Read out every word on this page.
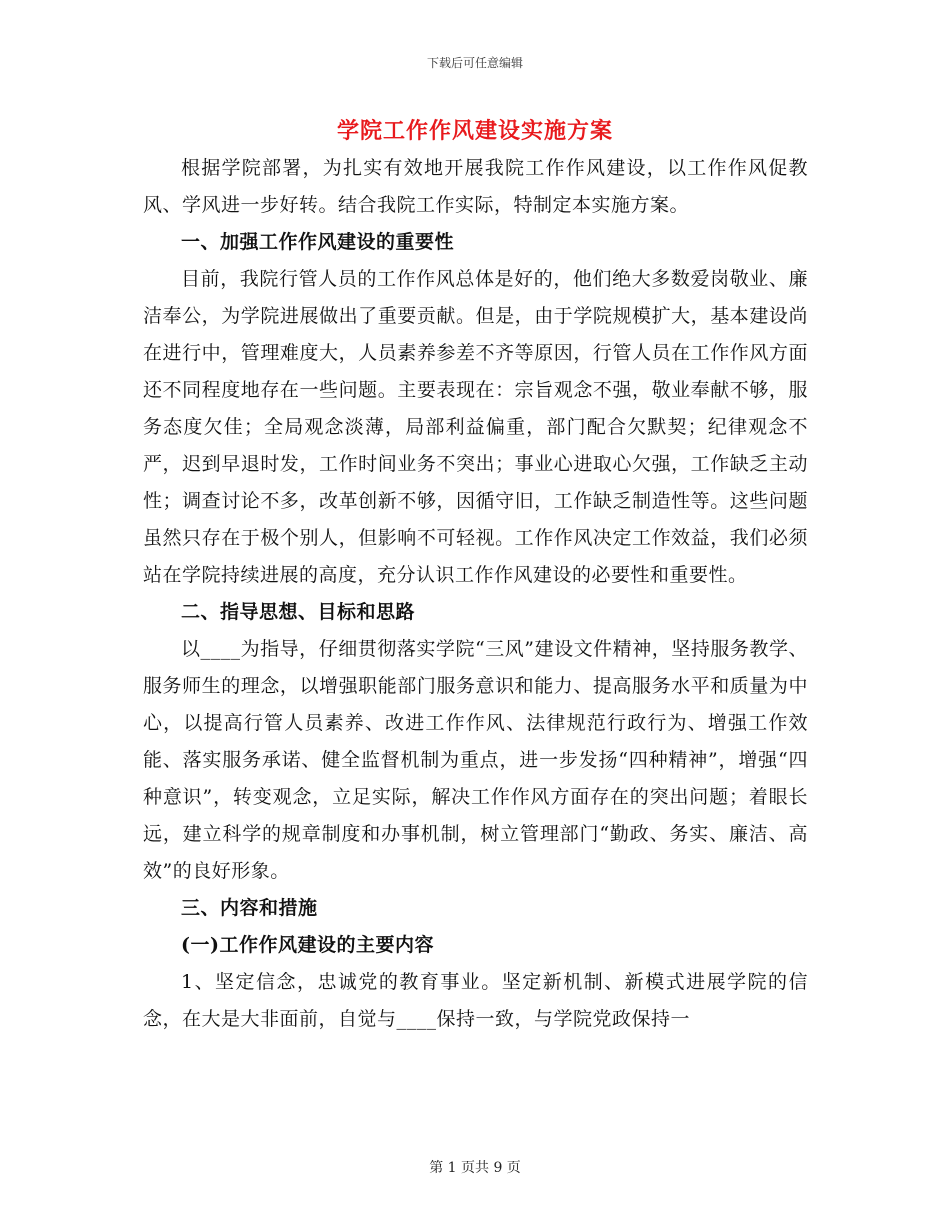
下载后可任意编辑
学院工作作风建设实施方案

根据学院部署，为扎实有效地开展我院工作作风建设，以工作作风促教风、学风进一步好转。结合我院工作实际，特制定本实施方案。

一、加强工作作风建设的重要性

目前，我院行管人员的工作作风总体是好的，他们绝大多数爱岗敬业、廉洁奉公，为学院进展做出了重要贡献。但是，由于学院规模扩大，基本建设尚在进行中，管理难度大，人员素养参差不齐等原因，行管人员在工作作风方面还不同程度地存在一些问题。主要表现在：宗旨观念不强，敬业奉献不够，服务态度欠佳；全局观念淡薄，局部利益偏重，部门配合欠默契；纪律观念不严，迟到早退时发，工作时间业务不突出；事业心进取心欠强，工作缺乏主动性；调查讨论不多，改革创新不够，因循守旧，工作缺乏制造性等。这些问题虽然只存在于极个别人，但影响不可轻视。工作作风决定工作效益，我们必须站在学院持续进展的高度，充分认识工作作风建设的必要性和重要性。

二、指导思想、目标和思路

以____为指导，仔细贯彻落实学院“三风”建设文件精神，坚持服务教学、服务师生的理念，以增强职能部门服务意识和能力、提高服务水平和质量为中心，以提高行管人员素养、改进工作作风、法律规范行政行为、增强工作效能、落实服务承诺、健全监督机制为重点，进一步发扬“四种精神”，增强“四种意识”，转变观念，立足实际，解决工作作风方面存在的突出问题；着眼长远，建立科学的规章制度和办事机制，树立管理部门“勤政、务实、廉洁、高效”的良好形象。

三、内容和措施
(一)工作作风建设的主要内容

1、坚定信念，忠诚党的教育事业。坚定新机制、新模式进展学院的信念，在大是大非面前，自觉与____保持一致，与学院党政保持一

第 1 页共 9 页
